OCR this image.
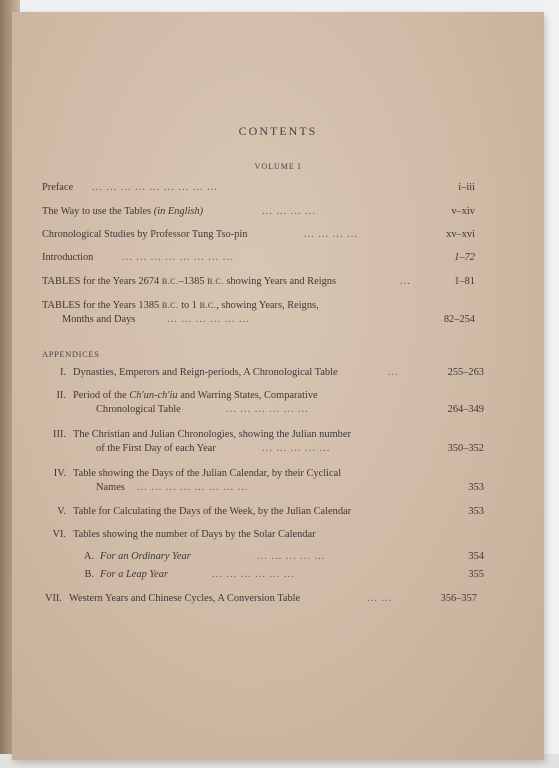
CONTENTS
VOLUME I
Preface ... ... ... ... ... ... ... ... ...	i–iii
The Way to use the Tables (in English)	... ... ... ...	v–xiv
Chronological Studies by Professor Tung Tso-pin	... ... ... ...	xv–xvi
Introduction	... ... ... ... ... ... ... ...	1–72
TABLES for the Years 2674 B.C.–1385 B.C. showing Years and Reigns	...	1–81
TABLES for the Years 1385 B.C. to 1 B.C., showing Years, Reigns,
Months and Days	... ... ... ... ... ...	82–254
APPENDICES
I. Dynasties, Emperors and Reign-periods, A Chronological Table	...	255–263
II. Period of the Ch'un-ch'iu and Warring States, Comparative
Chronological Table	... ... ... ... ... ...	264–349
III. The Christian and Julian Chronologies, showing the Julian number
of the First Day of each Year	... ... ... ... ...	350–352
IV. Table showing the Days of the Julian Calendar, by their Cyclical
Names ... ... ... ... ... ... ... ...	353
V. Table for Calculating the Days of the Week, by the Julian Calendar	353
VI. Tables showing the number of Days by the Solar Calendar
A. For an Ordinary Year	... ... ... ... ...	354
B. For a Leap Year	... ... ... ... ... ...	355
VII. Western Years and Chinese Cycles, A Conversion Table	... ...	356–357
